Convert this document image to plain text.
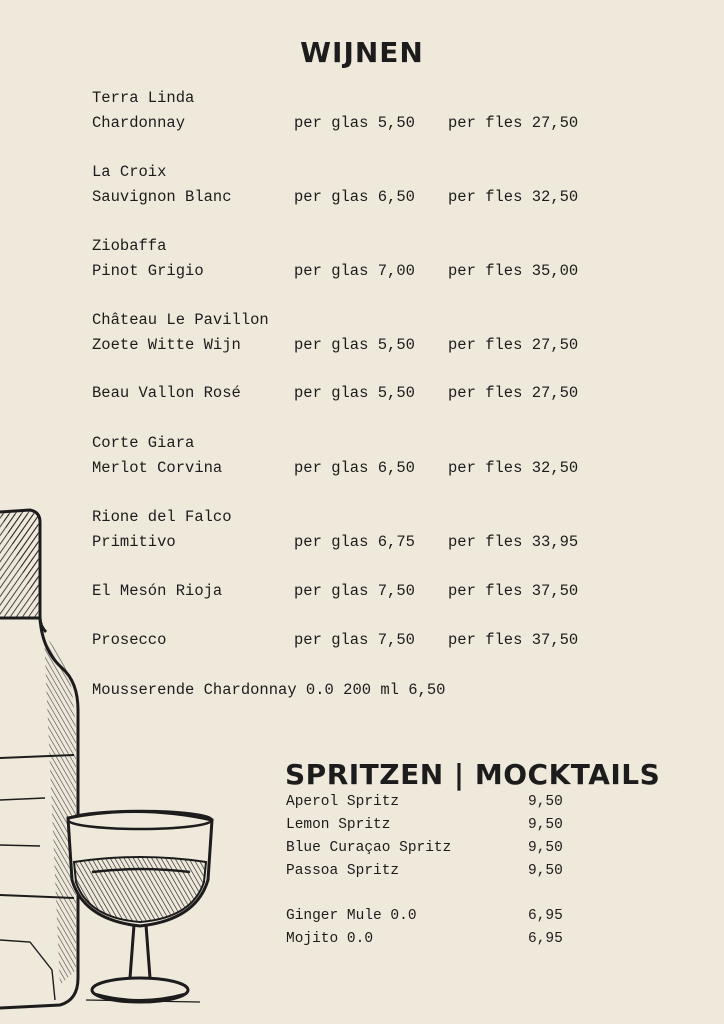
WIJNEN
Terra Linda
Chardonnay	per glas 5,50 per fles 27,50
La Croix
Sauvignon Blanc	per glas 6,50 per fles 32,50
Ziobaffa
Pinot Grigio	per glas 7,00 per fles 35,00
Château Le Pavillon
Zoete Witte Wijn	per glas 5,50 per fles 27,50
Beau Vallon Rosé	per glas 5,50 per fles 27,50
Corte Giara
Merlot Corvina	per glas 6,50 per fles 32,50
Rione del Falco
Primitivo	per glas 6,75 per fles 33,95
El Mesón Rioja	per glas 7,50 per fles 37,50
Prosecco	per glas 7,50 per fles 37,50
Mousserende Chardonnay 0.0 200 ml 6,50
SPRITZEN | MOCKTAILS
Aperol Spritz	9,50
Lemon Spritz	9,50
Blue Curaçao Spritz	9,50
Passoa Spritz	9,50
Ginger Mule 0.0	6,95
Mojito 0.0	6,95
